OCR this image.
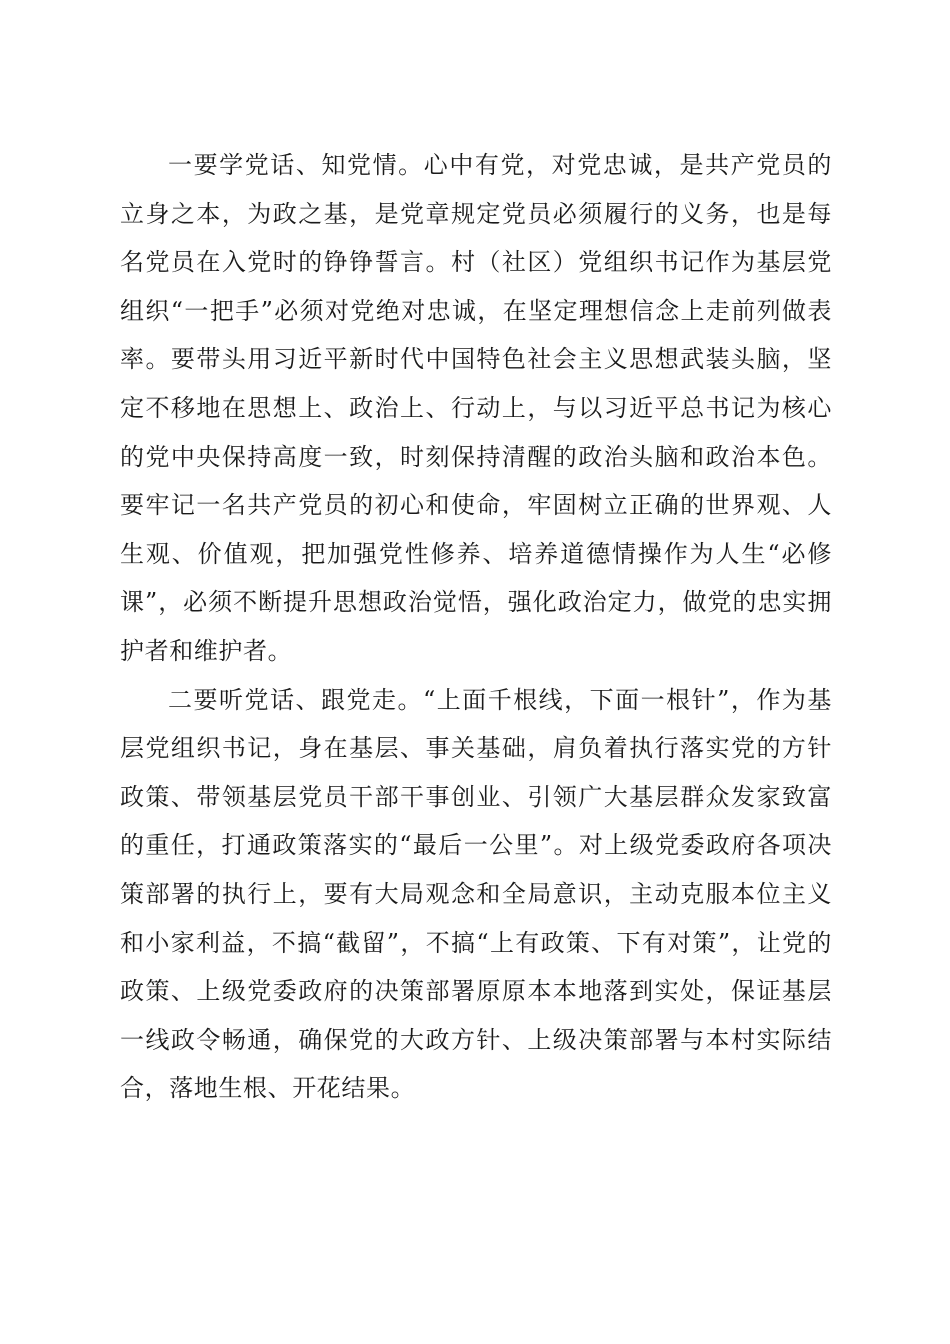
一要学党话、知党情。心中有党，对党忠诚，是共产党员的立身之本，为政之基，是党章规定党员必须履行的义务，也是每名党员在入党时的铮铮誓言。村（社区）党组织书记作为基层党组织“一把手”必须对党绝对忠诚，在坚定理想信念上走前列做表率。要带头用习近平新时代中国特色社会主义思想武装头脑，坚定不移地在思想上、政治上、行动上，与以习近平总书记为核心的党中央保持高度一致，时刻保持清醒的政治头脑和政治本色。要牢记一名共产党员的初心和使命，牢固树立正确的世界观、人生观、价值观，把加强党性修养、培养道德情操作为人生“必修课”，必须不断提升思想政治觉悟，强化政治定力，做党的忠实拥护者和维护者。

二要听党话、跟党走。“上面千根线，下面一根针”，作为基层党组织书记，身在基层、事关基础，肩负着执行落实党的方针政策、带领基层党员干部干事创业、引领广大基层群众发家致富的重任，打通政策落实的“最后一公里”。对上级党委政府各项决策部署的执行上，要有大局观念和全局意识，主动克服本位主义和小家利益，不搞“截留”，不搞“上有政策、下有对策”，让党的政策、上级党委政府的决策部署原原本本地落到实处，保证基层一线政令畅通，确保党的大政方针、上级决策部署与本村实际结合，落地生根、开花结果。
